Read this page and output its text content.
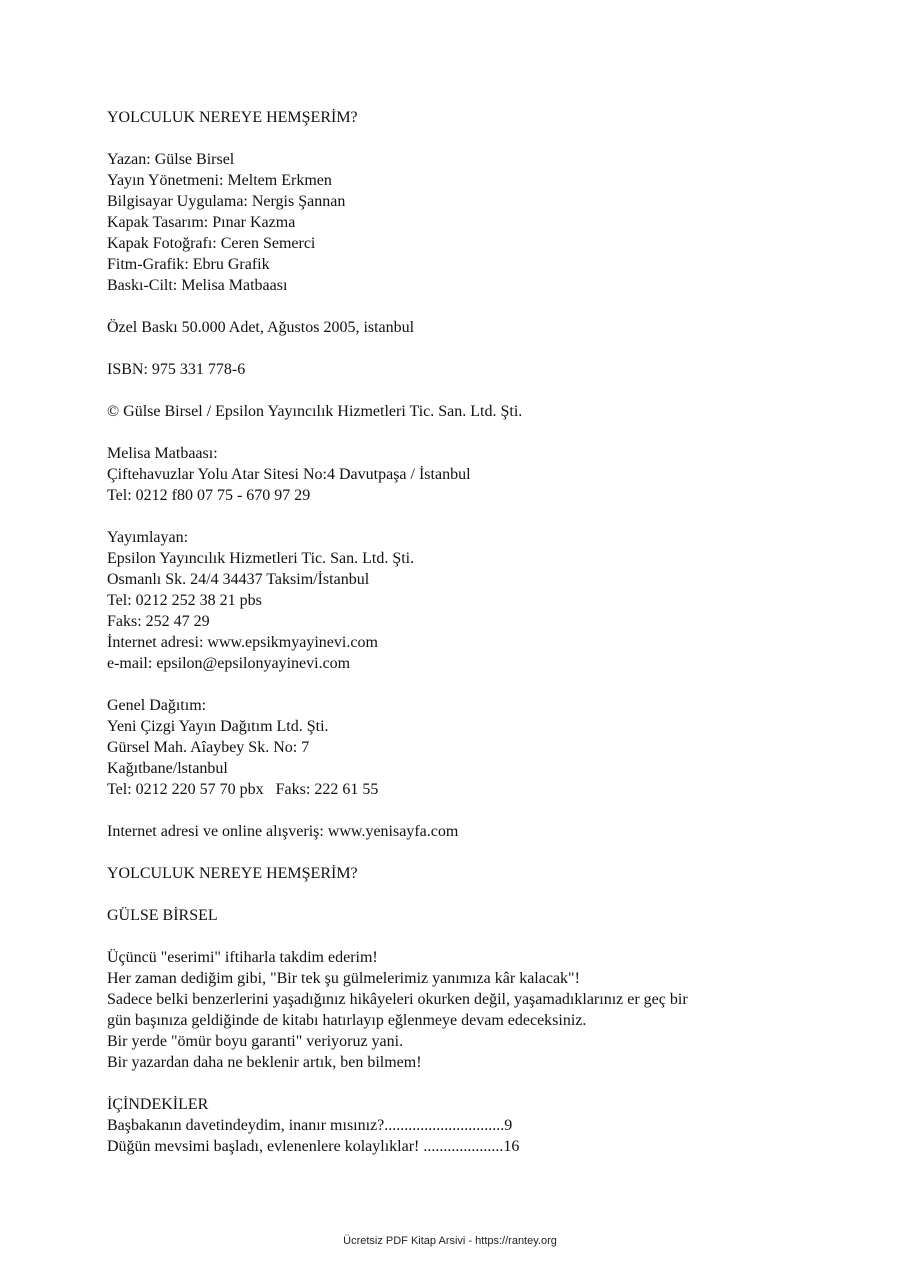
YOLCULUK NEREYE HEMŞERİM?
Yazan: Gülse Birsel
Yayın Yönetmeni: Meltem Erkmen
Bilgisayar Uygulama: Nergis Şannan
Kapak Tasarım: Pınar Kazma
Kapak Fotoğrafı: Ceren Semerci
Fitm-Grafik: Ebru Grafik
Baskı-Cilt: Melisa Matbaası
Özel Baskı 50.000 Adet, Ağustos 2005, istanbul
ISBN: 975 331 778-6
© Gülse Birsel / Epsilon Yayıncılık Hizmetleri Tic. San. Ltd. Şti.
Melisa Matbaası:
Çiftehavuzlar Yolu Atar Sitesi No:4 Davutpaşa / İstanbul
Tel: 0212 f80 07 75 - 670 97 29
Yayımlayan:
Epsilon Yayıncılık Hizmetleri Tic. San. Ltd. Şti.
Osmanlı Sk. 24/4 34437 Taksim/İstanbul
Tel: 0212 252 38 21 pbs
Faks: 252 47 29
İnternet adresi: www.epsikmyayinevi.com
e-mail: epsilon@epsilonyayinevi.com
Genel Dağıtım:
Yeni Çizgi Yayın Dağıtım Ltd. Şti.
Gürsel Mah. Aîaybey Sk. No: 7
Kağıtbane/lstanbul
Tel: 0212 220 57 70 pbx   Faks: 222 61 55
Internet adresi ve online alışveriş: www.yenisayfa.com
YOLCULUK NEREYE HEMŞERİM?
GÜLSE BİRSEL
Üçüncü "eserimi" iftiharla takdim ederim!
Her zaman dediğim gibi, "Bir tek şu gülmelerimiz yanımıza kâr kalacak"!
Sadece belki benzerlerini yaşadığınız hikâyeleri okurken değil, yaşamadıklarınız er geç bir
gün başınıza geldiğinde de kitabı hatırlayıp eğlenmeye devam edeceksiniz.
Bir yerde "ömür boyu garanti" veriyoruz yani.
Bir yazardan daha ne beklenir artık, ben bilmem!
İÇİNDEKİLER
Başbakanın davetindeydim, inanır mısınız?..............................9
Düğün mevsimi başladı, evlenenlere kolaylıklar! ....................16
Ücretsiz PDF Kitap Arsivi - https://rantey.org
